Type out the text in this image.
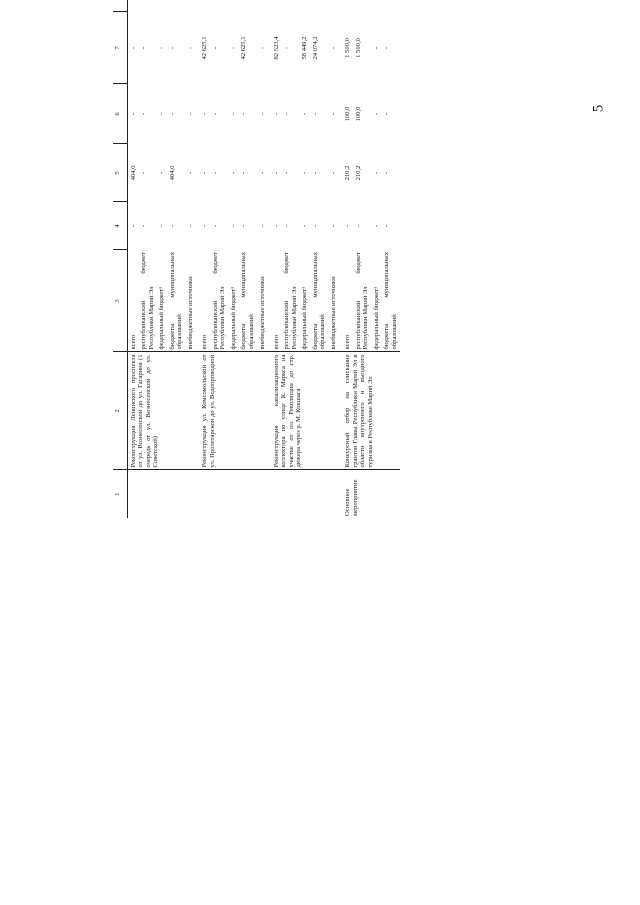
5
1	2	3	4	5	6	7			
	Реконструкция Ленинского проспекта от ул. Вознесенской до ул. Гагарина (1 очередь от ул. Вознесенской до ул. Советской)	всего	-	404,0	-	-			
		республиканский бюджет Республики Марий Эл	-	-	-	-			
		федеральный бюджет¹	-	-	-	-			
		бюджеты муниципальных образований	-	404,0	-	-			
		внебюджетные источники	-	-	-	-			
	Реконструкция ул. Комсомольской от ул. Пролетарской до ул. Водопроводной	всего	-	-	-	42 625,1			
		республиканский бюджет Республики Марий Эл	-	-	-	-			
		федеральный бюджет¹	-	-	-	-			
		бюджеты муниципальных образований	-	-	-	42 625,1			
		внебюджетные источники	-	-	-	-			
	Реконструкция канализационного коллектора по улице К. Маркса на участке от пл. Революции до стр. дюкера через р. М. Кокшага	всего	-	-	-	82 523,4			
		республиканский бюджет Республики Марий Эл	-	-	-	-			
		федеральный бюджет¹	-	-	-	58 449,2			
		бюджеты муниципальных образований	-	-	-	24 074,2			
		внебюджетные источники	-	-	-	-			
Основное мероприятие	Конкурсный отбор на соискание грантов Главы Республики Марий Эл в области внутреннего и въездного туризма в Республике Марий Эл	всего	-	210,2	100,0	1 500,0			
		республиканский бюджет Республики Марий Эл	-	210,2	100,0	1 500,0			
		федеральный бюджет¹	-	-	-	-			
		бюджеты муниципальных образований	-	-	-	-			
